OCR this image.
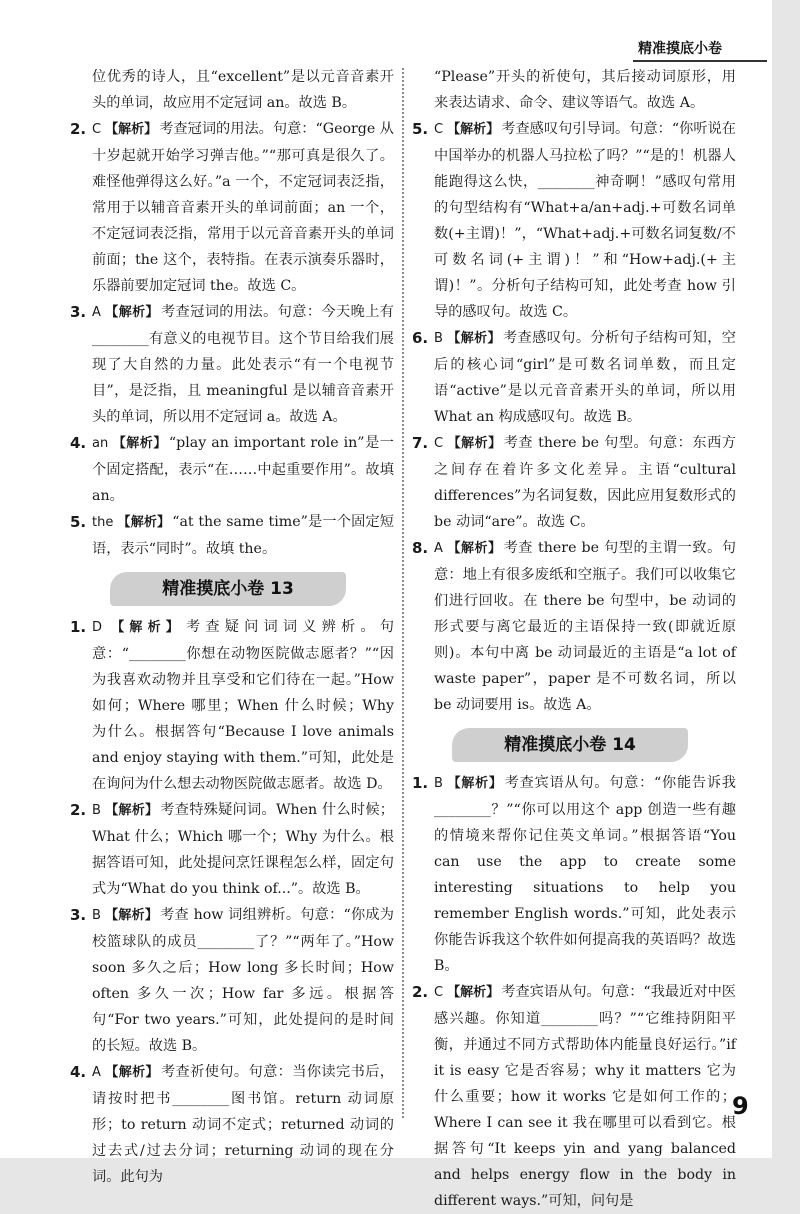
精准摸底小卷

位优秀的诗人，且“excellent”是以元音音素开头的单词，故应用不定冠词 an。故选 B。

2. C 【解析】 考查冠词的用法。句意：“George 从十岁起就开始学习弹吉他。”“那可真是很久了。难怪他弹得这么好。”a 一个，不定冠词表泛指，常用于以辅音音素开头的单词前面；an 一个，不定冠词表泛指，常用于以元音音素开头的单词前面；the 这个，表特指。在表示演奏乐器时，乐器前要加定冠词 the。故选 C。

3. A 【解析】 考查冠词的用法。句意：今天晚上有________有意义的电视节目。这个节目给我们展现了大自然的力量。此处表示“有一个电视节目”，是泛指，且 meaningful 是以辅音音素开头的单词，所以用不定冠词 a。故选 A。

4. an 【解析】 “play an important role in”是一个固定搭配，表示“在……中起重要作用”。故填 an。

5. the 【解析】 “at the same time”是一个固定短语，表示“同时”。故填 the。

精准摸底小卷 13

1. D 【解析】 考查疑问词词义辨析。句意：“________你想在动物医院做志愿者？”“因为我喜欢动物并且享受和它们待在一起。”How 如何；Where 哪里；When 什么时候；Why 为什么。根据答句“Because I love animals and enjoy staying with them.”可知，此处是在询问为什么想去动物医院做志愿者。故选 D。

2. B 【解析】 考查特殊疑问词。When 什么时候；What 什么；Which 哪一个；Why 为什么。根据答语可知，此处提问烹饪课程怎么样，固定句式为“What do you think of...”。故选 B。

3. B 【解析】 考查 how 词组辨析。句意：“你成为校篮球队的成员________了？”“两年了。”How soon 多久之后；How long 多长时间；How often 多久一次；How far 多远。根据答句“For two years.”可知，此处提问的是时间的长短。故选 B。

4. A 【解析】 考查祈使句。句意：当你读完书后，请按时把书________图书馆。return 动词原形；to return 动词不定式；returned 动词的过去式/过去分词；returning 动词的现在分词。此句为

“Please”开头的祈使句，其后接动词原形，用来表达请求、命令、建议等语气。故选 A。

5. C 【解析】 考查感叹句引导词。句意：“你听说在中国举办的机器人马拉松了吗？”“是的！机器人能跑得这么快，________神奇啊！”感叹句常用的句型结构有“What+a/an+adj.+可数名词单数(+主谓)！”，“What+adj.+可数名词复数/不可数名词(+主谓)！”和“How+adj.(+主谓)！”。分析句子结构可知，此处考查 how 引导的感叹句。故选 C。

6. B 【解析】 考查感叹句。分析句子结构可知，空后的核心词“girl”是可数名词单数，而且定语“active”是以元音音素开头的单词，所以用 What an 构成感叹句。故选 B。

7. C 【解析】 考查 there be 句型。句意：东西方之间存在着许多文化差异。主语“cultural differences”为名词复数，因此应用复数形式的 be 动词“are”。故选 C。

8. A 【解析】 考查 there be 句型的主谓一致。句意：地上有很多废纸和空瓶子。我们可以收集它们进行回收。在 there be 句型中，be 动词的形式要与离它最近的主语保持一致(即就近原则)。本句中离 be 动词最近的主语是“a lot of waste paper”，paper 是不可数名词，所以 be 动词要用 is。故选 A。

精准摸底小卷 14

1. B 【解析】 考查宾语从句。句意：“你能告诉我________？”“你可以用这个 app 创造一些有趣的情境来帮你记住英文单词。”根据答语“You can use the app to create some interesting situations to help you remember English words.”可知，此处表示你能告诉我这个软件如何提高我的英语吗？故选 B。

2. C 【解析】 考查宾语从句。句意：“我最近对中医感兴趣。你知道________吗？”“它维持阴阳平衡，并通过不同方式帮助体内能量良好运行。”if it is easy 它是否容易；why it matters 它为什么重要；how it works 它是如何工作的；Where I can see it 我在哪里可以看到它。根据答句“It keeps yin and yang balanced and helps energy flow in the body in different ways.”可知，问句是

9
